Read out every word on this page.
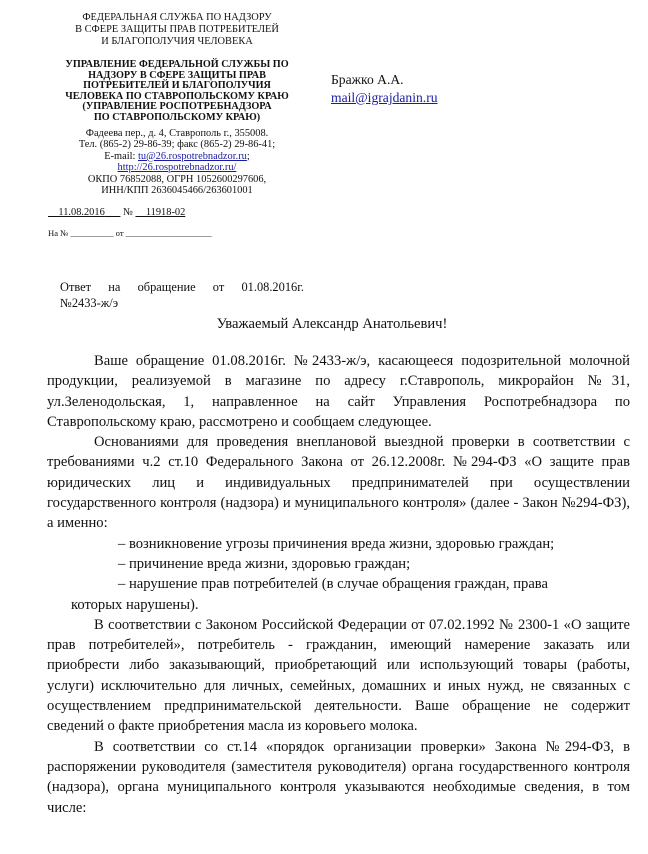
ФЕДЕРАЛЬНАЯ СЛУЖБА ПО НАДЗОРУ
В СФЕРЕ ЗАЩИТЫ ПРАВ ПОТРЕБИТЕЛЕЙ
И БЛАГОПОЛУЧИЯ ЧЕЛОВЕКА
УПРАВЛЕНИЕ ФЕДЕРАЛЬНОЙ СЛУЖБЫ ПО
НАДЗОРУ В СФЕРЕ ЗАЩИТЫ ПРАВ
ПОТРЕБИТЕЛЕЙ И БЛАГОПОЛУЧИЯ
ЧЕЛОВЕКА ПО СТАВРОПОЛЬСКОМУ КРАЮ
(УПРАВЛЕНИЕ РОСПОТРЕБНАДЗОРА
ПО СТАВРОПОЛЬСКОМУ КРАЮ)
Фадеева пер., д. 4, Ставрополь г., 355008.
Тел. (865-2) 29-86-39; факс (865-2) 29-86-41;
E-mail: tu@26.rospotrebnadzor.ru;
http://26.rospotrebnadzor.ru/
ОКПО 76852088, ОГРН 1052600297606,
ИНН/КПП 2636045466/263601001
__11.08.2016___ № __11918-02
На № __________ от ____________________
Бражко А.А.
mail@igrajdanin.ru
Ответ на обращение от 01.08.2016г.
№2433-ж/э
Уважаемый Александр Анатольевич!

Ваше обращение 01.08.2016г. №2433-ж/э, касающееся подозрительной молочной продукции, реализуемой в магазине по адресу г.Ставрополь, микрорайон №31, ул.Зеленодольская, 1, направленное на сайт Управления Роспотребнадзора по Ставропольскому краю, рассмотрено и сообщаем следующее.

Основаниями для проведения внеплановой выездной проверки в соответствии с требованиями ч.2 ст.10 Федерального Закона от 26.12.2008г. №294-ФЗ «О защите прав юридических лиц и индивидуальных предпринимателей при осуществлении государственного контроля (надзора) и муниципального контроля» (далее - Закон №294-ФЗ), а именно:

– возникновение угрозы причинения вреда жизни, здоровью граждан;

– причинение вреда жизни, здоровью граждан;

– нарушение прав потребителей (в случае обращения граждан, права

которых нарушены).

В соответствии с Законом Российской Федерации от 07.02.1992 № 2300-1 «О защите прав потребителей», потребитель - гражданин, имеющий намерение заказать или приобрести либо заказывающий, приобретающий или использующий товары (работы, услуги) исключительно для личных, семейных, домашних и иных нужд, не связанных с осуществлением предпринимательской деятельности. Ваше обращение не содержит сведений о факте приобретения масла из коровьего молока.

В соответствии со ст.14 «порядок организации проверки» Закона №294-ФЗ, в распоряжении руководителя (заместителя руководителя) органа государственного контроля (надзора), органа муниципального контроля указываются необходимые сведения, в том числе:
